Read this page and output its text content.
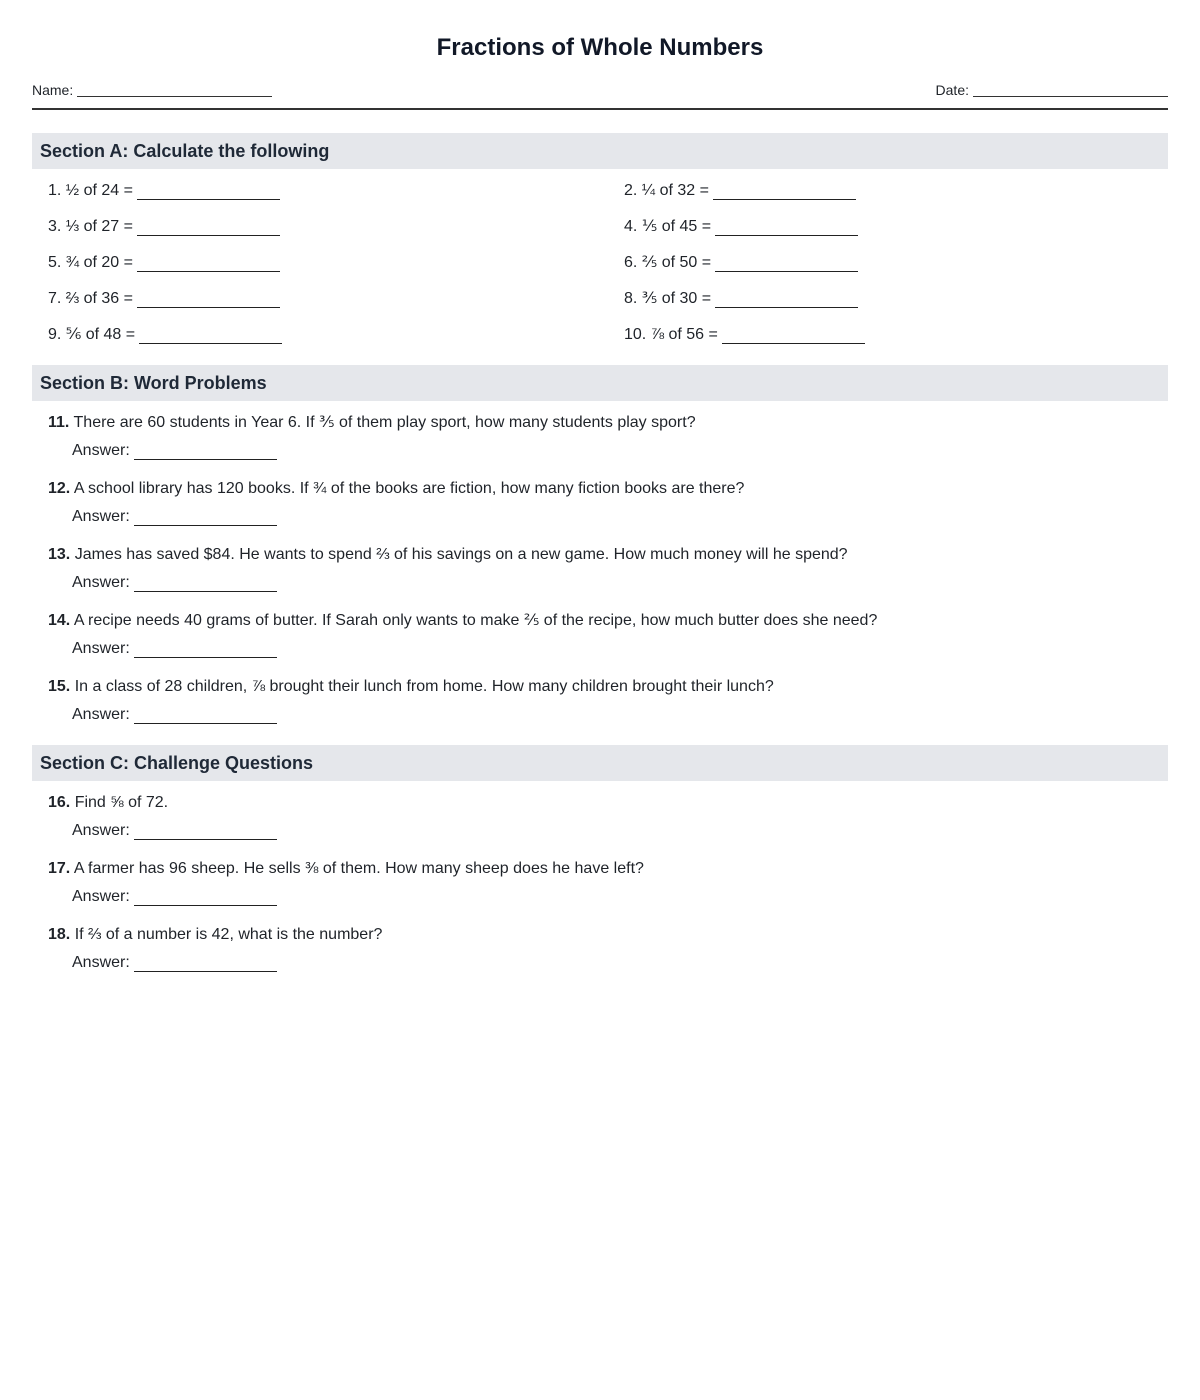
Fractions of Whole Numbers
Name:	Date:
Section A: Calculate the following
1. ½ of 24 =	2. ¼ of 32 =
3. ⅓ of 27 =	4. ⅕ of 45 =
5. ¾ of 20 =	6. ⅖ of 50 =
7. ⅔ of 36 =	8. ⅗ of 30 =
9. ⅚ of 48 =	10. ⅞ of 56 =
Section B: Word Problems
11. There are 60 students in Year 6. If ⅗ of them play sport, how many students play sport?
Answer:
12. A school library has 120 books. If ¾ of the books are fiction, how many fiction books are there?
Answer:
13. James has saved $84. He wants to spend ⅔ of his savings on a new game. How much money will he spend?
Answer:
14. A recipe needs 40 grams of butter. If Sarah only wants to make ⅖ of the recipe, how much butter does she need?
Answer:
15. In a class of 28 children, ⅞ brought their lunch from home. How many children brought their lunch?
Answer:
Section C: Challenge Questions
16. Find ⅝ of 72.
Answer:
17. A farmer has 96 sheep. He sells ⅜ of them. How many sheep does he have left?
Answer:
18. If ⅔ of a number is 42, what is the number?
Answer:
